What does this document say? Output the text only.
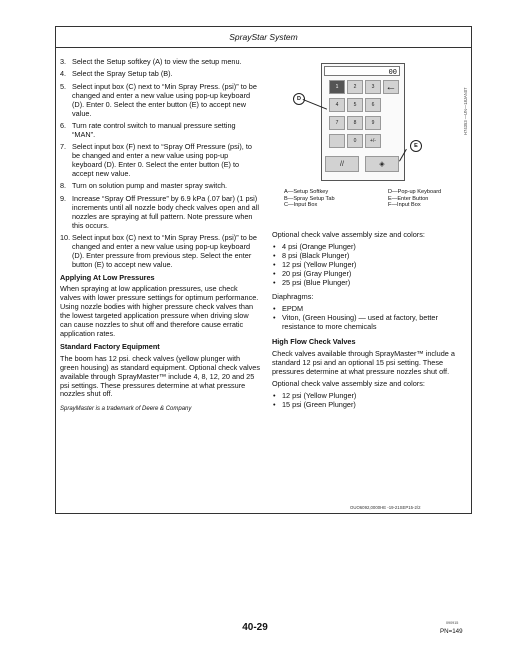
SprayStar System
3. Select the Setup softkey (A) to view the setup menu.
4. Select the Spray Setup tab (B).
5. Select input box (C) next to “Min Spray Press. (psi)” to be changed and enter a new value using pop-up keyboard (D). Enter 0. Select the enter button (E) to accept new value.
6. Turn rate control switch to manual pressure setting “MAN”.
7. Select input box (F) next to “Spray Off Pressure (psi), to be changed and enter a new value using pop-up keyboard (D). Enter 0. Select the enter button (E) to accept new value.
8. Turn on solution pump and master spray switch.
9. Increase “Spray Off Pressure” by 6.9 kPa (.07 bar) (1 psi) increments until all nozzle body check valves open and all nozzles are spraying at full pattern. Note pressure when this occurs.
10. Select input box (C) next to “Min Spray Press. (psi)” to be changed and enter a new value using pop-up keyboard (D). Enter pressure from previous step. Select the enter button (E) to accept new value.
Applying At Low Pressures

When spraying at low application pressures, use check valves with lower pressure settings for optimum performance. Using nozzle bodies with higher pressure check valves than the lowest targeted application pressure when driving slow can cause nozzles to shut off and therefore cause erratic application rates.

Standard Factory Equipment

The boom has 12 psi. check valves (yellow plunger with green housing) as standard equipment. Optional check valves available through SprayMaster™ include 4, 8, 12, 20 and 25 psi settings. These pressures determine at what pressure nozzles shut off.

SprayMaster is a trademark of Deere & Company
00
1	2	3	←
4	5	6
7	8	9
0	+/-
//	◈
D
E
H74353 —UN—18JAN07
A—Setup Softkey	D—Pop-up Keyboard
B—Spray Setup Tab	E—Enter Button
C—Input Box	F—Input Box

Optional check valve assembly size and colors:

• 4 psi (Orange Plunger)
• 8 psi (Black Plunger)
• 12 psi (Yellow Plunger)
• 20 psi (Gray Plunger)
• 25 psi (Blue Plunger)

Diaphragms:

• EPDM
• Viton, (Green Housing) — used at factory, better resistance to more chemicals
High Flow Check Valves

Check valves available through SprayMaster™ include a standard 12 psi and an optional 15 psi setting. These pressures determine at what pressure nozzles shut off.

Optional check valve assembly size and colors:

• 12 psi (Yellow Plunger)
• 15 psi (Green Plunger)
OUO6092,0000HE -19-21SEP15-2/2
40-29	090915
PN=149
